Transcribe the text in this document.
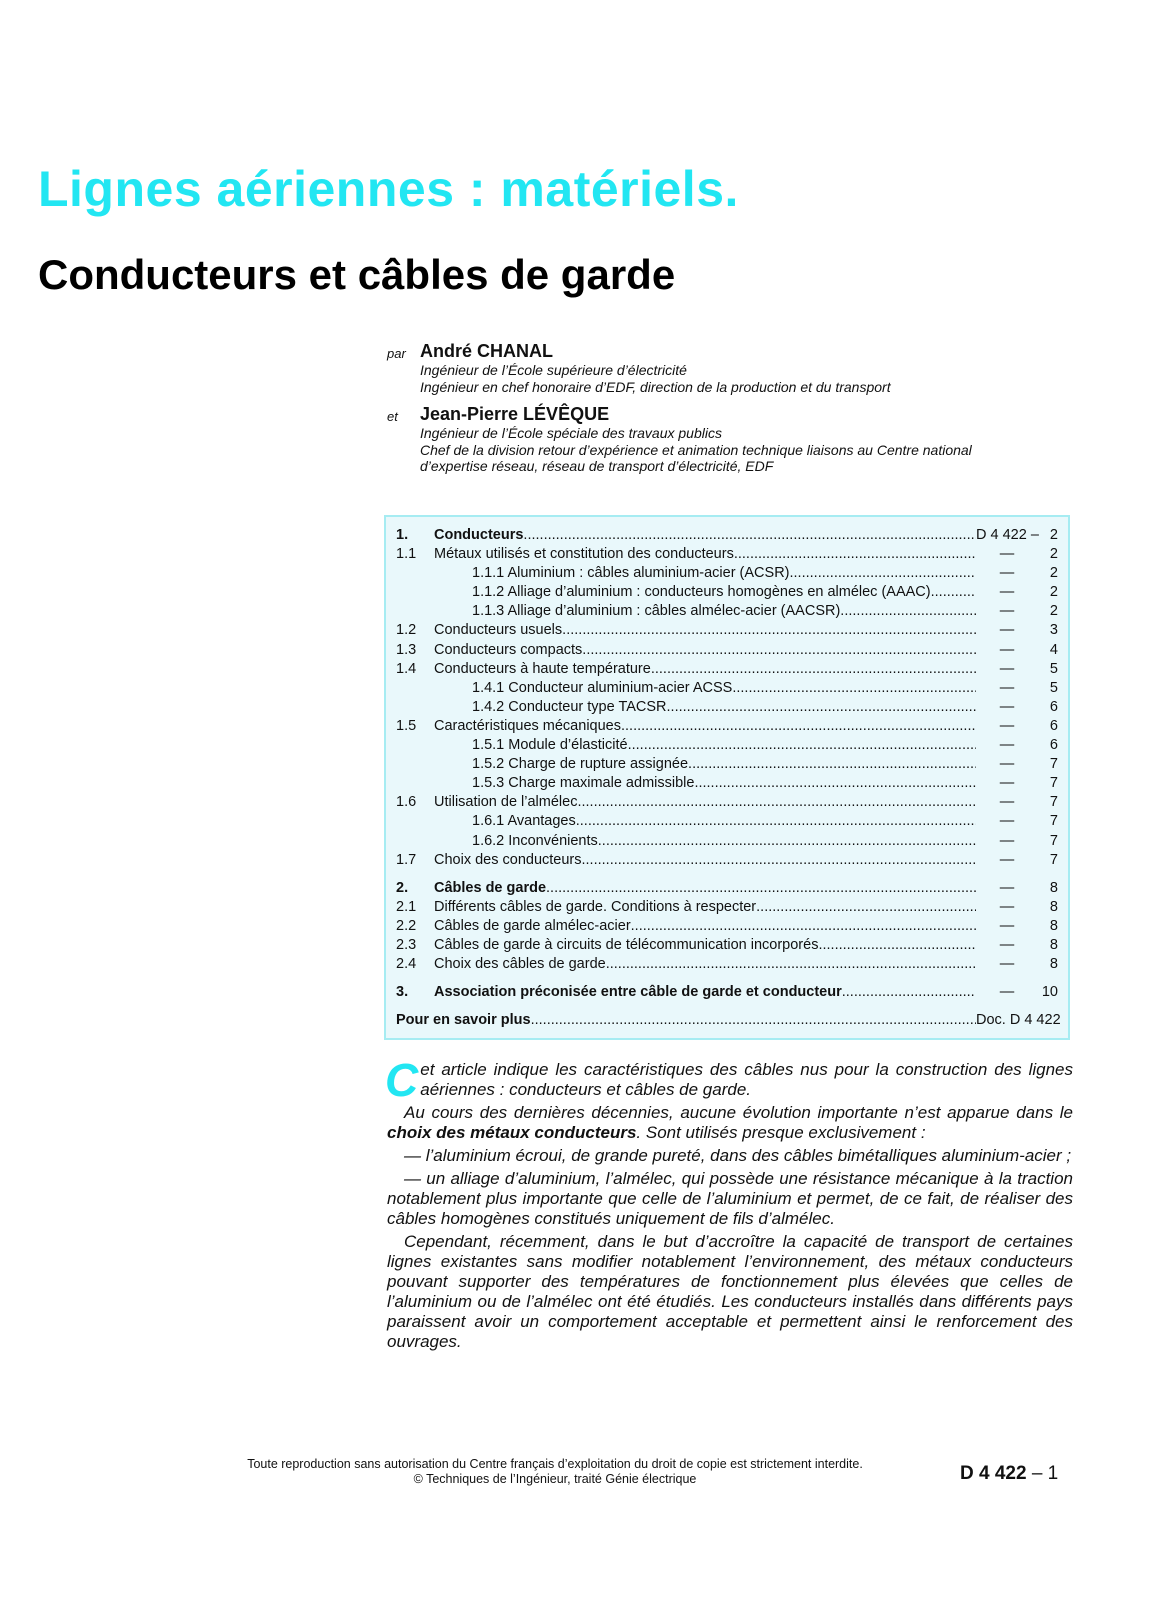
Lignes aériennes : matériels.
Conducteurs et câbles de garde
par André CHANAL
Ingénieur de l’École supérieure d’électricité
Ingénieur en chef honoraire d’EDF, direction de la production et du transport
et Jean-Pierre LÉVÊQUE
Ingénieur de l’École spéciale des travaux publics
Chef de la division retour d’expérience et animation technique liaisons au Centre national
d’expertise réseau, réseau de transport d’électricité, EDF
1.	Conducteurs .....	D 4 422 – 2
1.1	Métaux utilisés et constitution des conducteurs .....	—	2
1.1.1 Aluminium : câbles aluminium-acier (ACSR) .....	—	2
1.1.2 Alliage d’aluminium : conducteurs homogènes en almélec (AAAC) .....	—	2
1.1.3 Alliage d’aluminium : câbles almélec-acier (AACSR) .....	—	2
1.2	Conducteurs usuels .....	—	3
1.3	Conducteurs compacts .....	—	4
1.4	Conducteurs à haute température .....	—	5
1.4.1 Conducteur aluminium-acier ACSS .....	—	5
1.4.2 Conducteur type TACSR .....	—	6
1.5	Caractéristiques mécaniques .....	—	6
1.5.1 Module d’élasticité .....	—	6
1.5.2 Charge de rupture assignée .....	—	7
1.5.3 Charge maximale admissible .....	—	7
1.6	Utilisation de l’almélec .....	—	7
1.6.1 Avantages .....	—	7
1.6.2 Inconvénients .....	—	7
1.7	Choix des conducteurs .....	—	7
2.	Câbles de garde .....	—	8
2.1	Différents câbles de garde. Conditions à respecter .....	—	8
2.2	Câbles de garde almélec-acier .....	—	8
2.3	Câbles de garde à circuits de télécommunication incorporés .....	—	8
2.4	Choix des câbles de garde .....	—	8
3.	Association préconisée entre câble de garde et conducteur .....	—	10
Pour en savoir plus .....	Doc. D 4 422

Cet article indique les caractéristiques des câbles nus pour la construction des lignes aériennes : conducteurs et câbles de garde.

Au cours des dernières décennies, aucune évolution importante n’est apparue dans le choix des métaux conducteurs. Sont utilisés presque exclusivement :

— l’aluminium écroui, de grande pureté, dans des câbles bimétalliques aluminium-acier ;

— un alliage d’aluminium, l’almélec, qui possède une résistance mécanique à la traction notablement plus importante que celle de l’aluminium et permet, de ce fait, de réaliser des câbles homogènes constitués uniquement de fils d’almélec.

Cependant, récemment, dans le but d’accroître la capacité de transport de certaines lignes existantes sans modifier notablement l’environnement, des métaux conducteurs pouvant supporter des températures de fonctionnement plus élevées que celles de l’aluminium ou de l’almélec ont été étudiés. Les conducteurs installés dans différents pays paraissent avoir un comportement acceptable et permettent ainsi le renforcement des ouvrages.

Toute reproduction sans autorisation du Centre français d’exploitation du droit de copie est strictement interdite.
© Techniques de l’Ingénieur, traité Génie électrique	D 4 422 – 1
